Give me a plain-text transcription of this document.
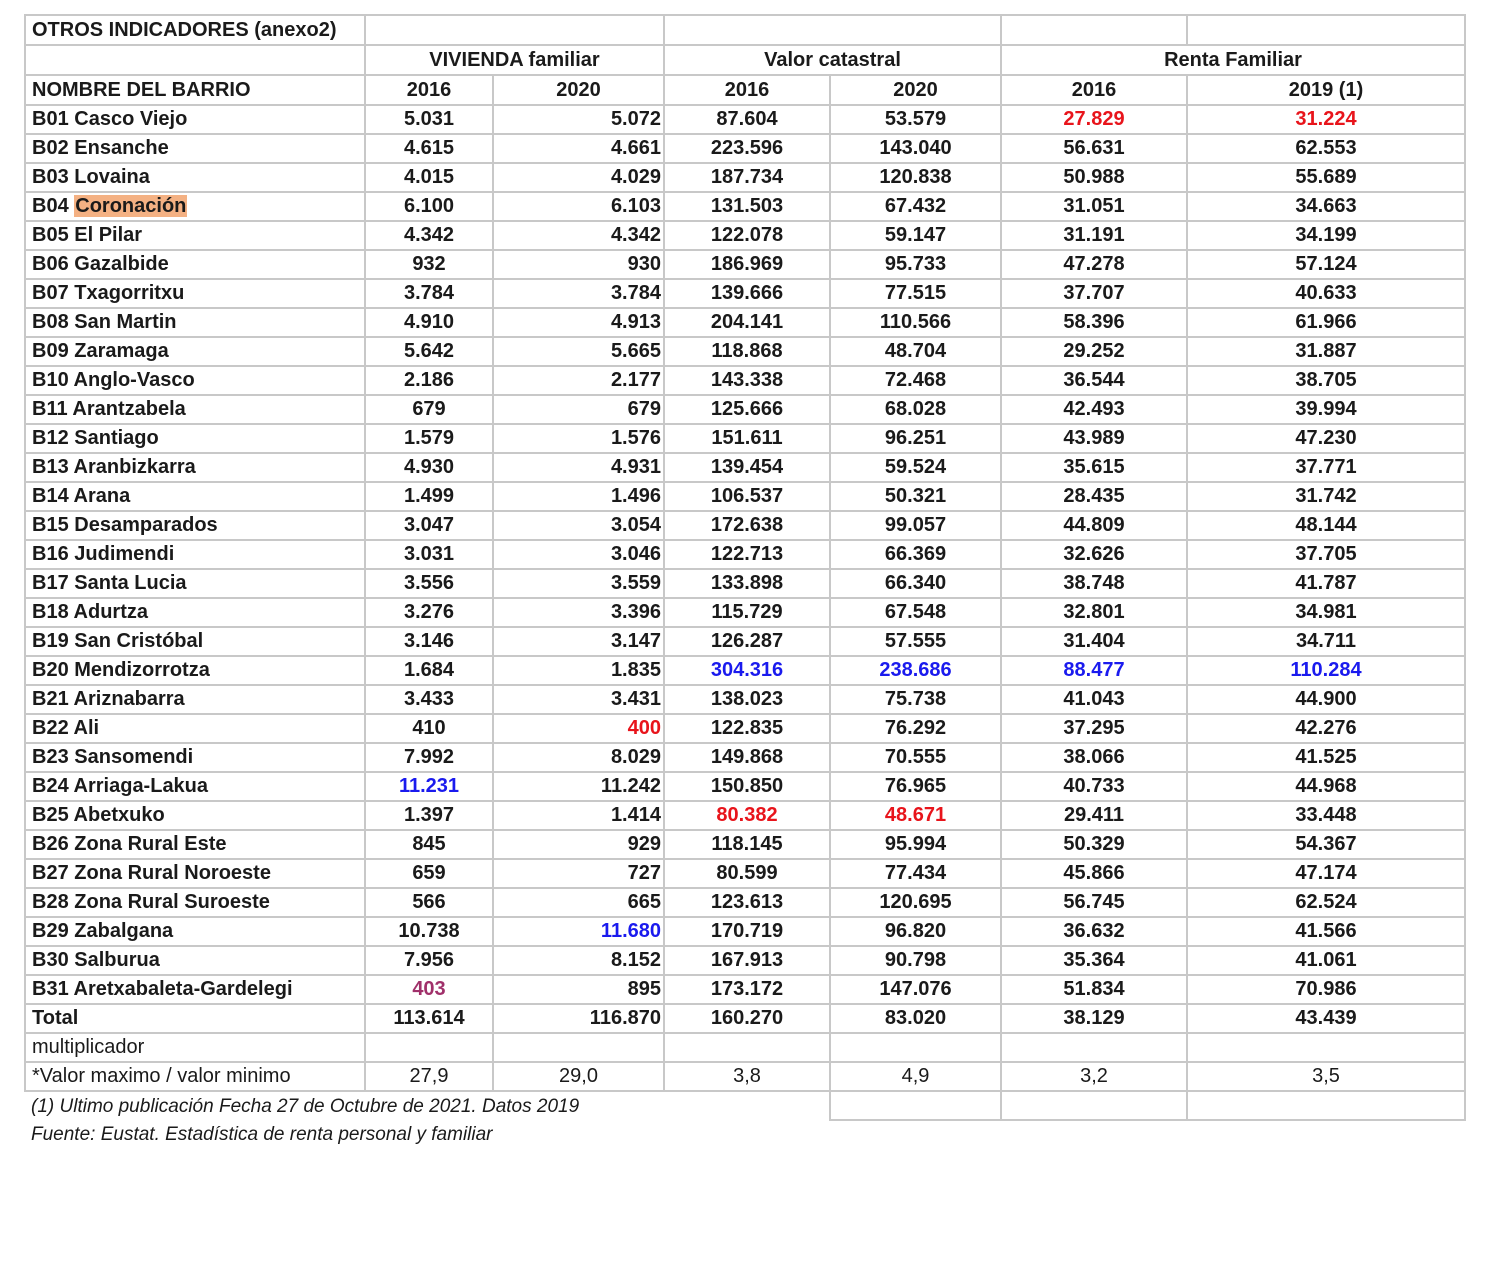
OTROS INDICADORES (anexo2)						
	VIVIENDA familiar		Valor catastral		Renta Familiar	
NOMBRE DEL BARRIO	2016	2020	2016	2020	2016	2019 (1)
B01 Casco Viejo	5.031	5.072	87.604	53.579	27.829	31.224
B02 Ensanche	4.615	4.661	223.596	143.040	56.631	62.553
B03 Lovaina	4.015	4.029	187.734	120.838	50.988	55.689
B04 Coronación	6.100	6.103	131.503	67.432	31.051	34.663
B05 El Pilar	4.342	4.342	122.078	59.147	31.191	34.199
B06 Gazalbide	932	930	186.969	95.733	47.278	57.124
B07 Txagorritxu	3.784	3.784	139.666	77.515	37.707	40.633
B08 San Martin	4.910	4.913	204.141	110.566	58.396	61.966
B09 Zaramaga	5.642	5.665	118.868	48.704	29.252	31.887
B10 Anglo-Vasco	2.186	2.177	143.338	72.468	36.544	38.705
B11 Arantzabela	679	679	125.666	68.028	42.493	39.994
B12 Santiago	1.579	1.576	151.611	96.251	43.989	47.230
B13 Aranbizkarra	4.930	4.931	139.454	59.524	35.615	37.771
B14 Arana	1.499	1.496	106.537	50.321	28.435	31.742
B15 Desamparados	3.047	3.054	172.638	99.057	44.809	48.144
B16 Judimendi	3.031	3.046	122.713	66.369	32.626	37.705
B17 Santa Lucia	3.556	3.559	133.898	66.340	38.748	41.787
B18 Adurtza	3.276	3.396	115.729	67.548	32.801	34.981
B19 San Cristóbal	3.146	3.147	126.287	57.555	31.404	34.711
B20 Mendizorrotza	1.684	1.835	304.316	238.686	88.477	110.284
B21 Ariznabarra	3.433	3.431	138.023	75.738	41.043	44.900
B22 Ali	410	400	122.835	76.292	37.295	42.276
B23 Sansomendi	7.992	8.029	149.868	70.555	38.066	41.525
B24 Arriaga-Lakua	11.231	11.242	150.850	76.965	40.733	44.968
B25 Abetxuko	1.397	1.414	80.382	48.671	29.411	33.448
B26 Zona Rural Este	845	929	118.145	95.994	50.329	54.367
B27 Zona Rural Noroeste	659	727	80.599	77.434	45.866	47.174
B28 Zona Rural Suroeste	566	665	123.613	120.695	56.745	62.524
B29 Zabalgana	10.738	11.680	170.719	96.820	36.632	41.566
B30 Salburua	7.956	8.152	167.913	90.798	35.364	41.061
B31 Aretxabaleta-Gardelegi	403	895	173.172	147.076	51.834	70.986
Total	113.614	116.870	160.270	83.020	38.129	43.439
multiplicador						
*Valor maximo / valor minimo	27,9	29,0	3,8	4,9	3,2	3,5
(1) Ultimo publicación Fecha 27 de Octubre de 2021. Datos 2019						
Fuente: Eustat. Estadística de renta personal y familiar						
